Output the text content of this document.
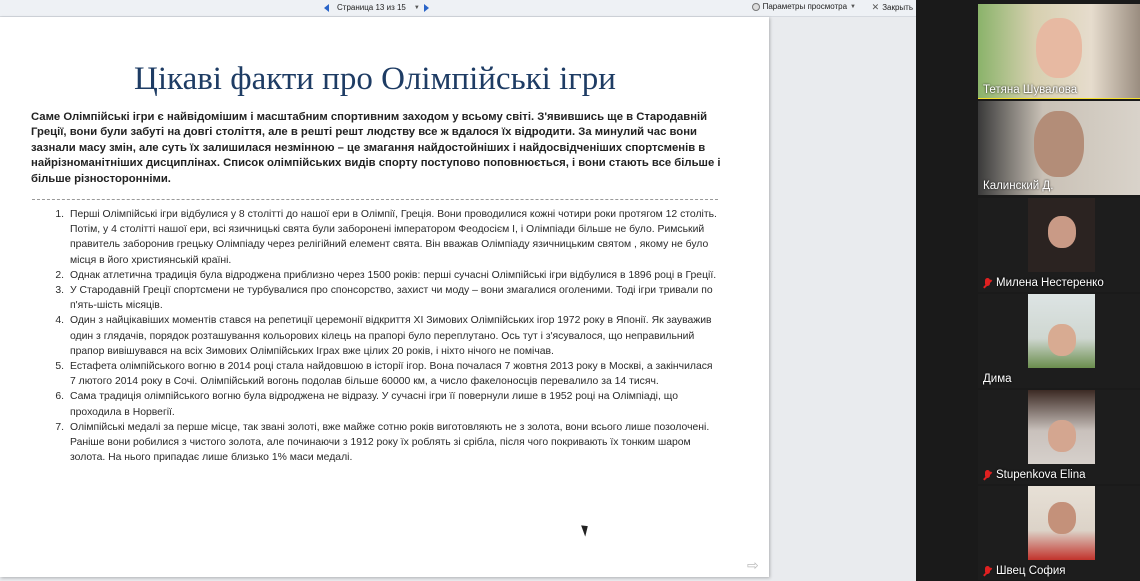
Страница 13 из 15	▼	Параметры просмотра ▼ ✕ Закрыть
Цікаві факти про Олімпійські ігри
Саме Олімпійські ігри є найвідомішим і масштабним спортивним заходом у всьому світі. З'явившись ще в Стародавній Греції, вони були забуті на довгі століття, але в решті решт людству все ж вдалося їх відродити. За минулий час вони зазнали масу змін, але суть їх залишилася незмінною – це змагання найдостойніших і найдосвідченіших спортсменів в найрізноманітніших дисциплінах. Список олімпійських видів спорту поступово поповнюється, і вони стають все більше і більше різносторонніми.
1. Перші Олімпійські ігри відбулися у 8 столітті до нашої ери в Олімпії, Греція. Вони проводилися кожні чотири роки протягом 12 століть. Потім, у 4 столітті нашої ери, всі язичницькі свята були заборонені імператором Феодосієм I, і Олімпіади більше не було. Римський правитель заборонив грецьку Олімпіаду через релігійний елемент свята. Він вважав Олімпіаду язичницьким святом , якому не було місця в його християнській країні.
2. Однак атлетична традиція була відроджена приблизно через 1500 років: перші сучасні Олімпійські ігри відбулися в 1896 році в Греції.
3. У Стародавній Греції спортсмени не турбувалися про спонсорство, захист чи моду – вони змагалися оголеними. Тоді ігри тривали по п'ять-шість місяців.
4. Один з найцікавіших моментів стався на репетиції церемонії відкриття XI Зимових Олімпійських ігор 1972 року в Японії. Як зауважив один з глядачів, порядок розташування кольорових кілець на прапорі було переплутано. Ось тут і з'ясувалося, що неправильний прапор вивішувався на всіх Зимових Олімпійських Іграх вже цілих 20 років, і ніхто нічого не помічав.
5. Естафета олімпійського вогню в 2014 році стала найдовшою в історії ігор. Вона почалася 7 жовтня 2013 року в Москві, а закінчилася 7 лютого 2014 року в Сочі. Олімпійський вогонь подолав більше 60000 км, а число факелоносців перевалило за 14 тисяч.
6. Сама традиція олімпійського вогню була відроджена не відразу. У сучасні ігри її повернули лише в 1952 році на Олімпіаді, що проходила в Норвегії.
7. Олімпійські медалі за перше місце, так звані золоті, вже майже сотню років виготовляють не з золота, вони всього лише позолочені. Раніше вони робилися з чистого золота, але починаючи з 1912 року їх роблять зі срібла, після чого покривають їх тонким шаром золота. На нього припадає лише близько 1% маси медалі.
⇨
Тетяна Шувалова
Калинский Д.
Милена Нестеренко
Дима
Stupenkova Elina
Швец София
